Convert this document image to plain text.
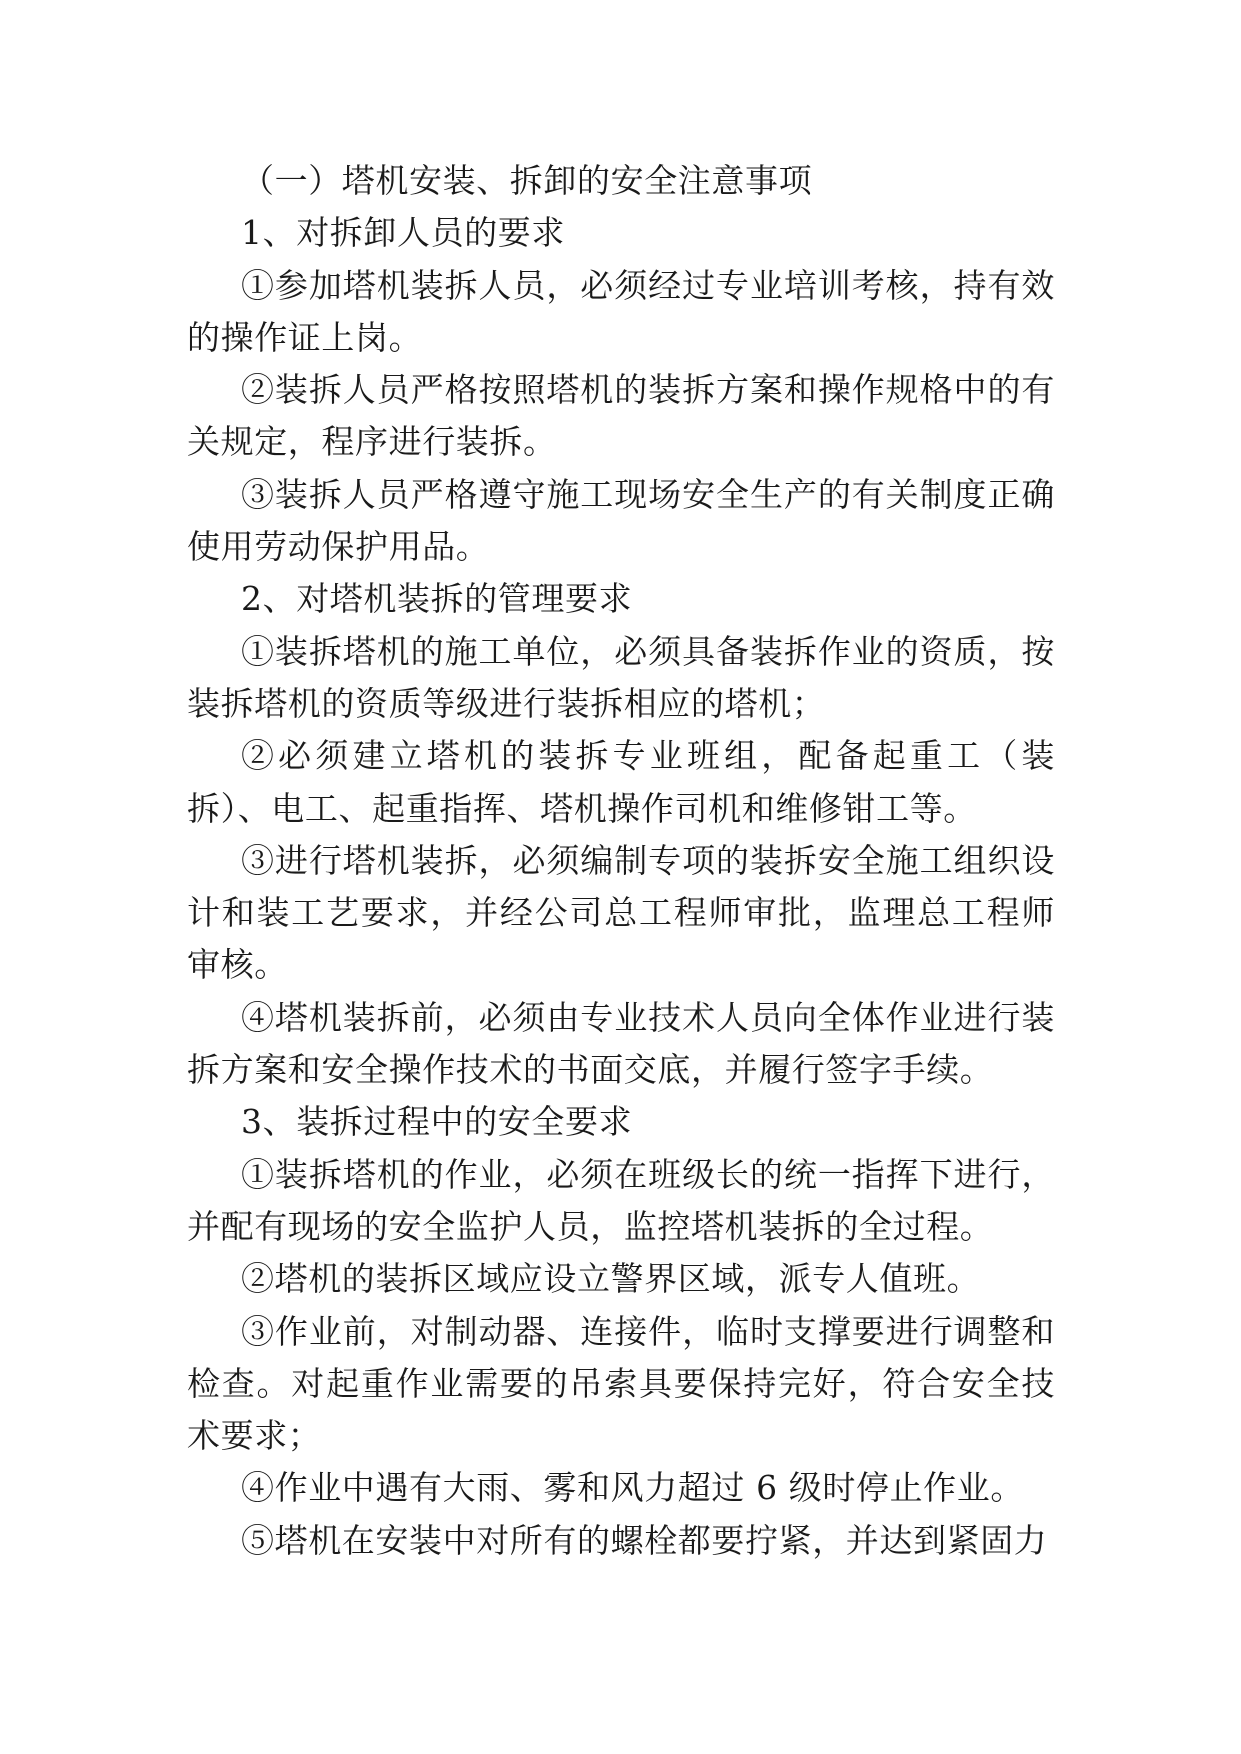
（一）塔机安装、拆卸的安全注意事项

1、对拆卸人员的要求

①参加塔机装拆人员，必须经过专业培训考核，持有效的操作证上岗。

②装拆人员严格按照塔机的装拆方案和操作规格中的有关规定，程序进行装拆。

③装拆人员严格遵守施工现场安全生产的有关制度正确使用劳动保护用品。

2、对塔机装拆的管理要求

①装拆塔机的施工单位，必须具备装拆作业的资质，按装拆塔机的资质等级进行装拆相应的塔机；

②必须建立塔机的装拆专业班组，配备起重工（装拆）、电工、起重指挥、塔机操作司机和维修钳工等。

③进行塔机装拆，必须编制专项的装拆安全施工组织设计和装工艺要求，并经公司总工程师审批，监理总工程师审核。

④塔机装拆前，必须由专业技术人员向全体作业进行装拆方案和安全操作技术的书面交底，并履行签字手续。

3、装拆过程中的安全要求

①装拆塔机的作业，必须在班级长的统一指挥下进行，并配有现场的安全监护人员，监控塔机装拆的全过程。

②塔机的装拆区域应设立警界区域，派专人值班。

③作业前，对制动器、连接件，临时支撑要进行调整和检查。对起重作业需要的吊索具要保持完好，符合安全技术要求；

④作业中遇有大雨、雾和风力超过 6 级时停止作业。

⑤塔机在安装中对所有的螺栓都要拧紧，并达到紧固力
